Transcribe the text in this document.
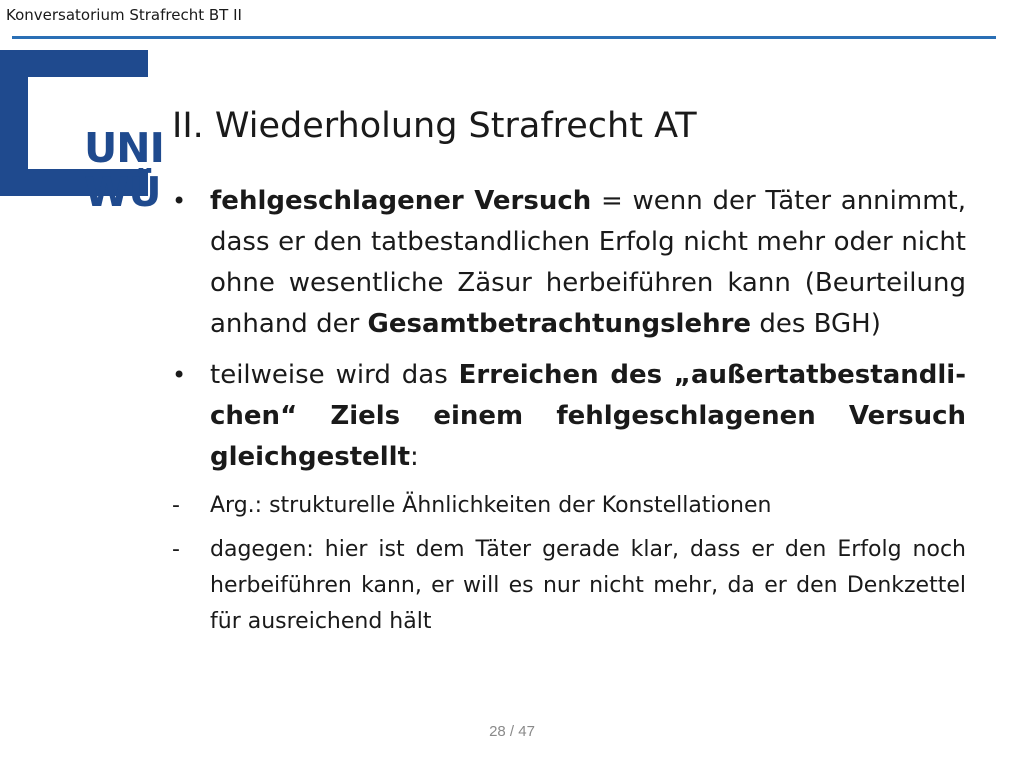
Konversatorium Strafrecht BT II
UNI
WÜ
II. Wiederholung Strafrecht AT
• fehlgeschlagener Versuch = wenn der Täter annimmt, dass er den tatbestandlichen Erfolg nicht mehr oder nicht ohne wesentliche Zäsur herbeiführen kann (Beurteilung anhand der Gesamtbetrachtungslehre des BGH)
• teilweise wird das Erreichen des „außertatbestandlichen“ Ziels einem fehlgeschlagenen Versuch gleichgestellt:
-	Arg.: strukturelle Ähnlichkeiten der Konstellationen
-	dagegen: hier ist dem Täter gerade klar, dass er den Erfolg noch herbeiführen kann, er will es nur nicht mehr, da er den Denkzettel für ausreichend hält
28 / 47
